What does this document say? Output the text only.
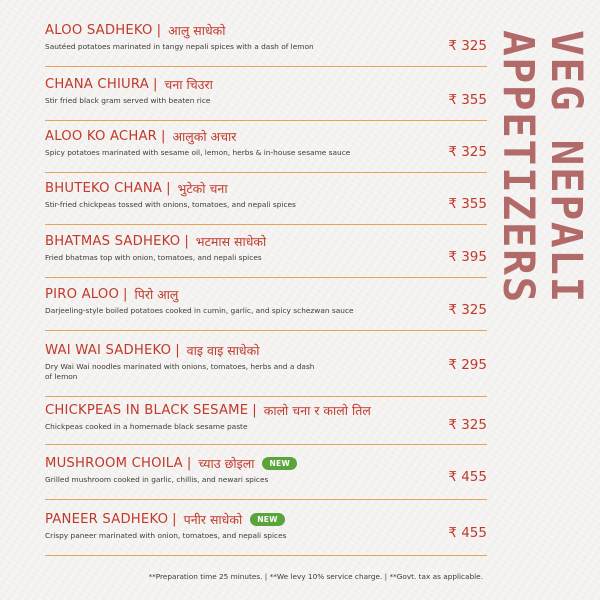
ALOO SADHEKO | आलु साधेको
Sautéed potatoes marinated in tangy nepali spices with a dash of lemon	₹ 325
CHANA CHIURA | चना चिउरा
Stir fried black gram served with beaten rice	₹ 355
ALOO KO ACHAR | आलुको अचार
Spicy potatoes marinated with sesame oil, lemon, herbs & in-house sesame sauce	₹ 325
BHUTEKO CHANA | भुटेको चना
Stir-fried chickpeas tossed with onions, tomatoes, and nepali spices	₹ 355
BHATMAS SADHEKO | भटमास साधेको
Fried bhatmas top with onion, tomatoes, and nepali spices	₹ 395
PIRO ALOO | पिरो आलु
Darjeeling-style boiled potatoes cooked in cumin, garlic, and spicy schezwan sauce	₹ 325
WAI WAI SADHEKO | वाइ वाइ साधेको
Dry Wai Wai noodles marinated with onions, tomatoes, herbs and a dash of lemon
₹ 295
CHICKPEAS IN BLACK SESAME | कालो चना र कालो तिल
Chickpeas cooked in a homemade black sesame paste	₹ 325
MUSHROOM CHOILA | च्याउ छोइला	NEW
Grilled mushroom cooked in garlic, chillis, and newari spices	₹ 455
PANEER SADHEKO | पनीर साधेको	NEW
Crispy paneer marinated with onion, tomatoes, and nepali spices	₹ 455
VEG NEPALI APPETIZERS
**Preparation time 25 minutes. | **We levy 10% service charge. | **Govt. tax as applicable.
